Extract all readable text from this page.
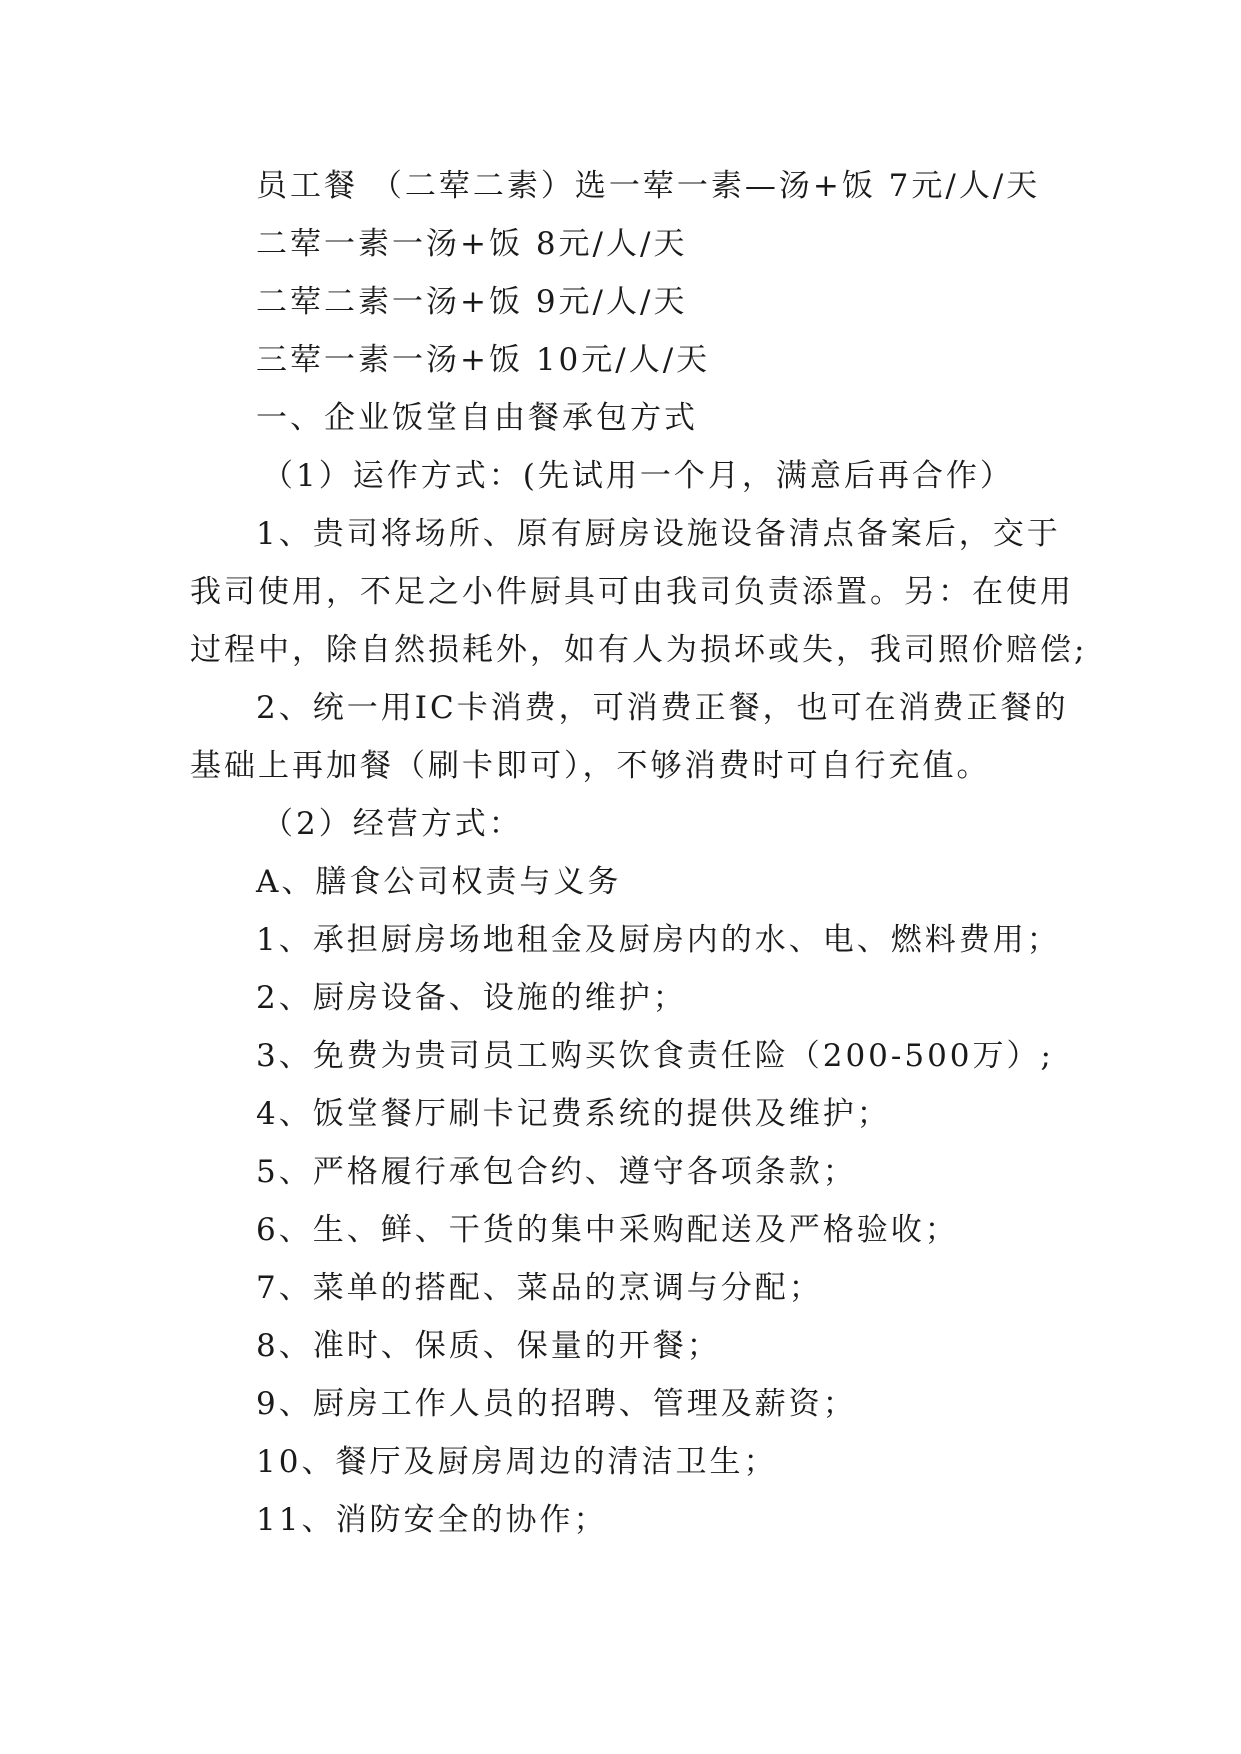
员工餐 （二荤二素）选一荤一素—汤+饭 7元/人/天
二荤一素一汤+饭 8元/人/天
二荤二素一汤+饭 9元/人/天
三荤一素一汤+饭 10元/人/天
一、企业饭堂自由餐承包方式
（1）运作方式：(先试用一个月，满意后再合作）
1、贵司将场所、原有厨房设施设备清点备案后，交于
我司使用，不足之小件厨具可由我司负责添置。另：在使用
过程中，除自然损耗外，如有人为损坏或失，我司照价赔偿;
2、统一用IC卡消费，可消费正餐，也可在消费正餐的
基础上再加餐（刷卡即可），不够消费时可自行充值。
（2）经营方式：
A、膳食公司权责与义务
1、承担厨房场地租金及厨房内的水、电、燃料费用；
2、厨房设备、设施的维护；
3、免费为贵司员工购买饮食责任险（200-500万）;
4、饭堂餐厅刷卡记费系统的提供及维护；
5、严格履行承包合约、遵守各项条款；
6、生、鲜、干货的集中采购配送及严格验收；
7、菜单的搭配、菜品的烹调与分配；
8、准时、保质、保量的开餐；
9、厨房工作人员的招聘、管理及薪资；
10、餐厅及厨房周边的清洁卫生；
11、消防安全的协作；
